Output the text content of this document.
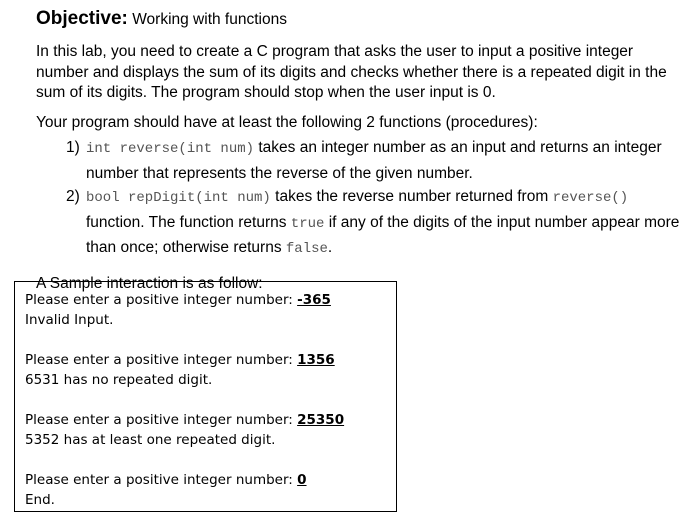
Objective: Working with functions

In this lab, you need to create a C program that asks the user to input a positive integer number and displays the sum of its digits and checks whether there is a repeated digit in the sum of its digits. The program should stop when the user input is 0.

Your program should have at least the following 2 functions (procedures):

1) int reverse(int num) takes an integer number as an input and returns an integer number that represents the reverse of the given number.
2) bool repDigit(int num) takes the reverse number returned from reverse() function. The function returns true if any of the digits of the input number appear more than once; otherwise returns false.

A Sample interaction is as follow:

Please enter a positive integer number: -365
Invalid Input.
Please enter a positive integer number: 1356
6531 has no repeated digit.
Please enter a positive integer number: 25350
5352 has at least one repeated digit.
Please enter a positive integer number: 0
End.
